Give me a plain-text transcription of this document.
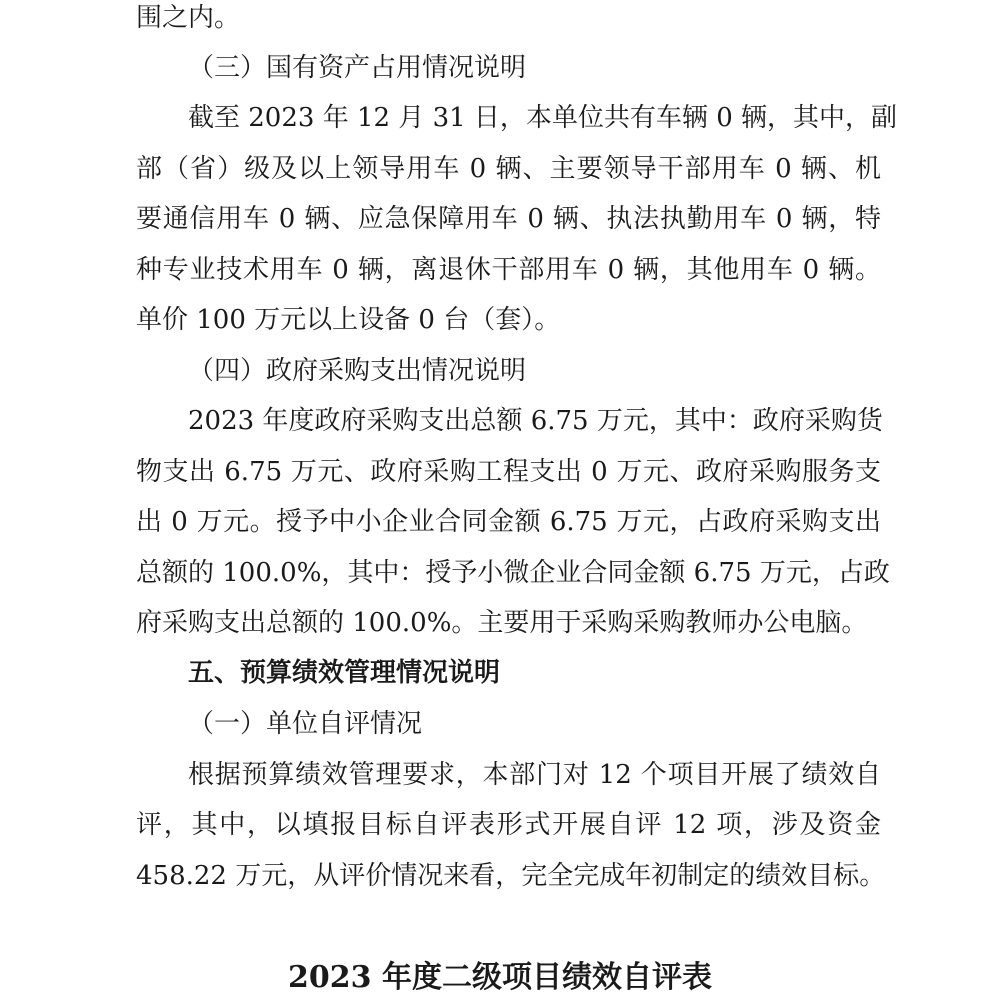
围之内。
（三）国有资产占用情况说明
截至 2023 年 12 月 31 日，本单位共有车辆 0 辆，其中，副
部（省）级及以上领导用车 0 辆、主要领导干部用车 0 辆、机
要通信用车 0 辆、应急保障用车 0 辆、执法执勤用车 0 辆，特
种专业技术用车 0 辆，离退休干部用车 0 辆，其他用车 0 辆。
单价 100 万元以上设备 0 台（套）。
（四）政府采购支出情况说明
2023 年度政府采购支出总额 6.75 万元，其中：政府采购货
物支出 6.75 万元、政府采购工程支出 0 万元、政府采购服务支
出 0 万元。授予中小企业合同金额 6.75 万元，占政府采购支出
总额的 100.0%，其中：授予小微企业合同金额 6.75 万元，占政
府采购支出总额的 100.0%。主要用于采购采购教师办公电脑。
五、预算绩效管理情况说明
（一）单位自评情况
根据预算绩效管理要求，本部门对 12 个项目开展了绩效自
评，其中，以填报目标自评表形式开展自评 12 项，涉及资金
458.22 万元，从评价情况来看，完全完成年初制定的绩效目标。
2023 年度二级项目绩效自评表
